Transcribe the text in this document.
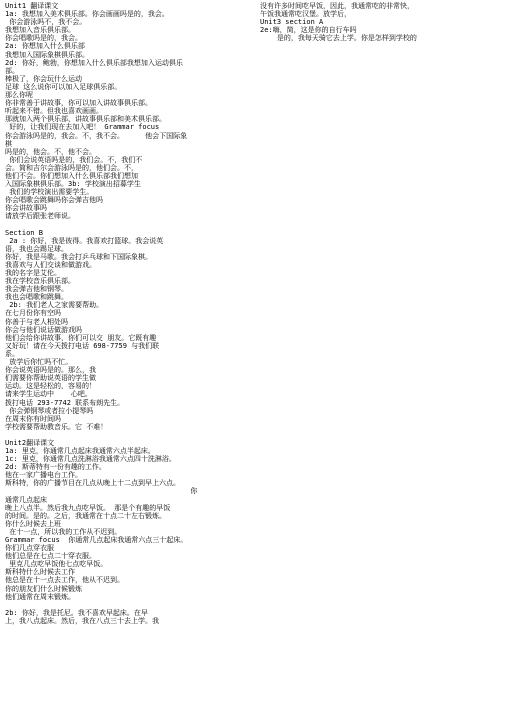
Unit1 翻译课文
1a: 我想加入美术俱乐部。你会画画吗是的，我会。
你会游泳吗不，我不会。
我想加入音乐俱乐部。
你会唱歌吗是的，我会。
2a: 你想加入什么俱乐部
我想加入国际象棋俱乐部。
2d: 你好，鲍勃，你想加入什么俱乐部我想加入运动俱乐
部。
棒极了，你会玩什么运动
足球 这么说你可以加入足球俱乐部。
那么你呢
你非常善于讲故事，你可以加入讲故事俱乐部。
听起来不错。但我也喜欢画画。
那就加入两个俱乐部，讲故事俱乐部和美术俱乐部。
好的，让我们现在去加入吧！ Grammar focus
你会游泳吗是的，我会。不，我不会。     他会下国际象
棋
吗是的，他会。不，他不会。
你们会说英语吗是的，我们会。不，我们不
会。简和吉尔会游泳吗是的，他们会。不，
他们不会。你们想加入什么俱乐部我们想加
入国际象棋俱乐部。3b: 学校演出招募学生
我们的学校演出需要学生。
你会唱歌会跳舞吗你会弹吉他吗
你会讲故事吗
请放学后跟张老师说。
Section B
2a : 你好，我是彼得。我喜欢打篮球。我会说英
语，我也会踢足球。
你好，我是马歌。我会打乒乓球和下国际象棋。
我喜欢与人们交谈和做游戏。
我的名字是艾伦。
我在学校音乐俱乐部。
我会弹吉他和钢琴。
我也会唱歌和跳舞。
2b: 我们老人之家需要帮助。
在七月份你有空吗
你善于与老人相处吗
你会与他们说话做游戏吗
他们会给你讲故事，你们可以交 朋友。它既有趣
又好玩！请在今天拨打电话 698-7759 与我们联
系。
放学后你忙吗不忙。
你会说英语吗是的。那么，我
们需要你帮助说英语的学生做
运动。这是轻松的，容易的！
请来学生运动中    心吧。
拨打电话 293-7742 联系布朗先生。
你会弹钢琴或者拉小提琴吗
在周末你有时间吗
学校需要帮助教音乐。它 不难！
Unit2翻译课文
1a: 里克，你通常几点起床我通常六点半起床。
1c: 里克，你通常几点洗淋浴我通常六点四十洗淋浴。
2d: 斯蒂特有一份有趣的工作。
他在一家广播电台工作。
斯科特，你的广播节目在几点从晚上十二点到早上六点。
你
通常几点起床
晚上八点半。然后我九点吃早饭。 那是个有趣的早饭
的时间。是的。之后，我通常在十点二十左右锻炼。
你什么时候去上班
在十一点，所以我的工作从不迟到。
Grammar focus  你通常几点起床我通常六点三十起床。
你们几点穿衣服
他们总是在七点二十穿衣服。
里克几点吃早饭他七点吃早饭。
斯科特什么时候去工作
他总是在十一点去工作，他从不迟到。
你的朋友们什么时候锻炼
他们通常在周末锻炼。
2b: 你好，我是托尼。我不喜欢早起床。在早
上，我八点起床。然后，我在八点三十去上学。我
没有许多时间吃早饭，因此，我通常吃的非常快，
午饭我通常吃汉堡。放学后，
Unit3 section A
2e:嗨，简，这是你的自行车吗
是的，我每天骑它去上学。你是怎样到学校的
